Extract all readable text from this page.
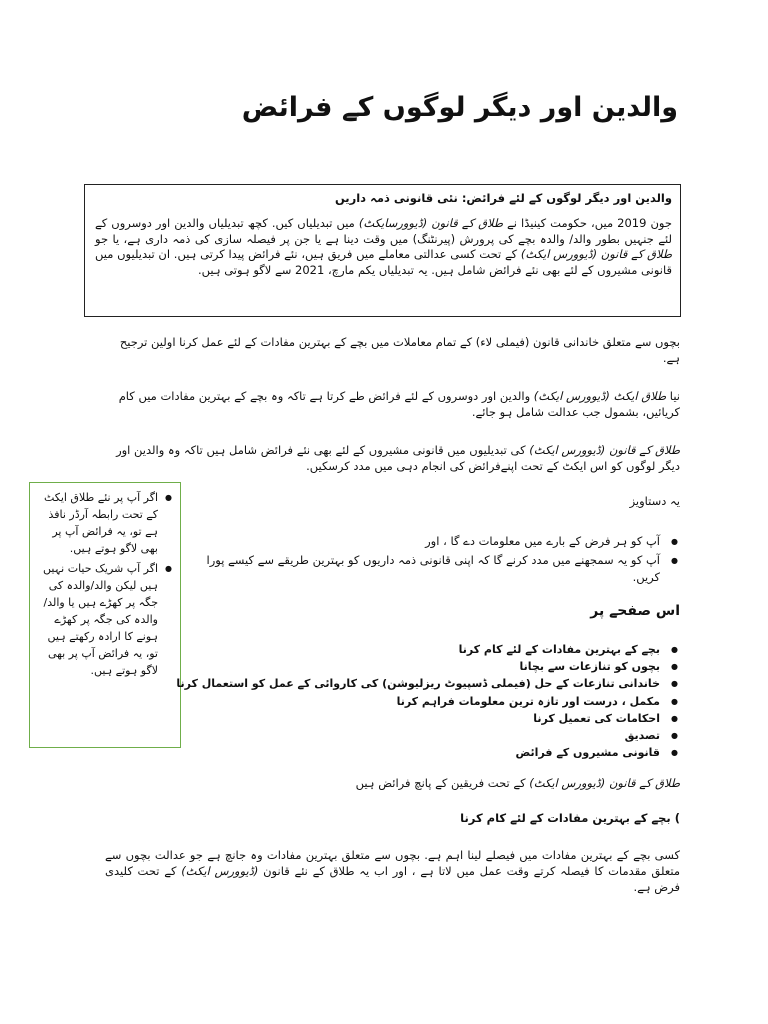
والدین اور دیگر لوگوں کے فرائض
والدین اور دیگر لوگوں کے لئے فرائض: نئی قانونی ذمہ داریں
جون 2019 میں، حکومت کینیڈا نے طلاق کے قانون (ڈیوورسایکٹ) میں تبدیلیاں کیں. کچھ تبدیلیاں والدین اور دوسروں کے لئے جنہیں بطور والد/ والدہ بچے کی پرورش (پیرنٹنگ) میں وقت دینا ہے یا جن پر فیصلہ سازی کی ذمہ داری ہے، یا جو طلاق کے قانون (ڈیوورس ایکٹ) کے تحت کسی عدالتی معاملے میں فریق ہیں، نئے فرائض پیدا کرتی ہیں. ان تبدیلیوں میں قانونی مشیروں کے لئے بھی نئے فرائض شامل ہیں. یہ تبدیلیاں یکم مارچ، 2021 سے لاگو ہوتی ہیں.
بچوں سے متعلق خاندانی قانون (فیملی لاء) کے تمام معاملات میں بچے کے بہترین مفادات کے لئے عمل کرنا اولین ترجیح ہے.
نیا طلاق ایکٹ (ڈیوورس ایکٹ) والدین اور دوسروں کے لئے فرائض طے کرتا ہے تاکہ وہ بچے کے بہترین مفادات میں کام کریائیں، بشمول جب عدالت شامل ہو جائے.
طلاق کے قانون (ڈیوورس ایکٹ) کی تبدیلیوں میں قانونی مشیروں کے لئے بھی نئے فرائض شامل ہیں تاکہ وہ والدین اور دیگر لوگوں کو اس ایکٹ کے تحت اپنےفرائض کی انجام دہی میں مدد کرسکیں.
● اگر آپ پر نئے طلاق ایکٹ کے تحت رابطہ آرڈر نافذ ہے تو، یہ فرائض آپ پر بھی لاگو ہوتے ہیں.
● اگر آپ شریک حیات نہیں ہیں لیکن والد/والدہ کی جگہ پر کھڑے ہیں یا والد/والدہ کی جگہ پر کھڑے ہونے کا ارادہ رکھتے ہیں تو، یہ فرائض آپ پر بھی لاگو ہوتے ہیں.
یہ دستاویز
● آپ کو ہر فرض کے بارے میں معلومات دے گا ، اور
● آپ کو یہ سمجھنے میں مدد کرنے گا کہ اپنی قانونی ذمہ داریوں کو بہترین طریقے سے کیسے پورا کریں.
اس صفحے پر
● بچے کے بہترین مفادات کے لئے کام کرنا
● بچوں کو تنازعات سے بچانا
● خاندانی تنازعات کے حل (فیملی ڈسپیوٹ ریزلیوشن) کی کاروائی کے عمل کو استعمال کرنا
● مکمل ، درست اور تازہ ترین معلومات فراہم کرنا
● احکامات کی تعمیل کرنا
● تصدیق
● قانونی مشیروں کے فرائض
طلاق کے قانون (ڈیوورس ایکٹ) کے تحت فریقین کے پانچ فرائض ہیں
) بچے کے بہترین مفادات کے لئے کام کرنا
کسی بچے کے بہترین مفادات میں فیصلے لینا اہم ہے. بچوں سے متعلق بہترین مفادات وہ جانچ ہے جو عدالت بچوں سے متعلق مقدمات کا فیصلہ کرتے وقت عمل میں لاتا ہے ، اور اب یہ طلاق کے نئے قانون (ڈیوورس ایکٹ) کے تحت کلیدی فرض ہے.
